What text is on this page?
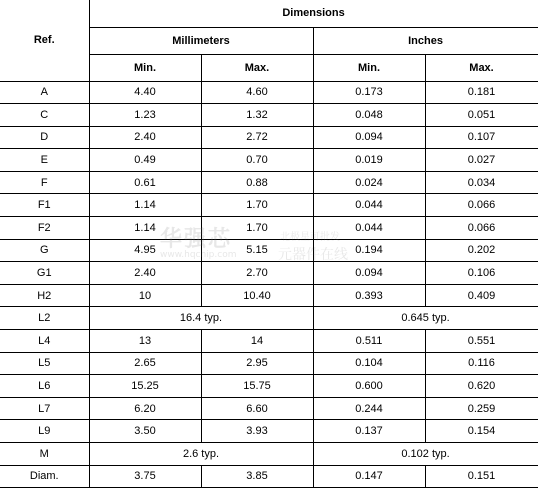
Ref.	Dimensions			
	Millimeters		Inches	
	Min.	Max.	Min.	Max.
A	4.40	4.60	0.173	0.181
C	1.23	1.32	0.048	0.051
D	2.40	2.72	0.094	0.107
E	0.49	0.70	0.019	0.027
F	0.61	0.88	0.024	0.034
F1	1.14	1.70	0.044	0.066
F2	1.14	1.70	0.044	0.066
G	4.95	5.15	0.194	0.202
G1	2.40	2.70	0.094	0.106
H2	10	10.40	0.393	0.409
L2	16.4 typ.		0.645 typ.	
L4	13	14	0.511	0.551
L5	2.65	2.95	0.104	0.116
L6	15.25	15.75	0.600	0.620
L7	6.20	6.60	0.244	0.259
L9	3.50	3.93	0.137	0.154
M	2.6 typ.		0.102 typ.	
Diam.	3.75	3.85	0.147	0.151
华强芯
www.hqchip.com
北极星可批发
元器件在线
